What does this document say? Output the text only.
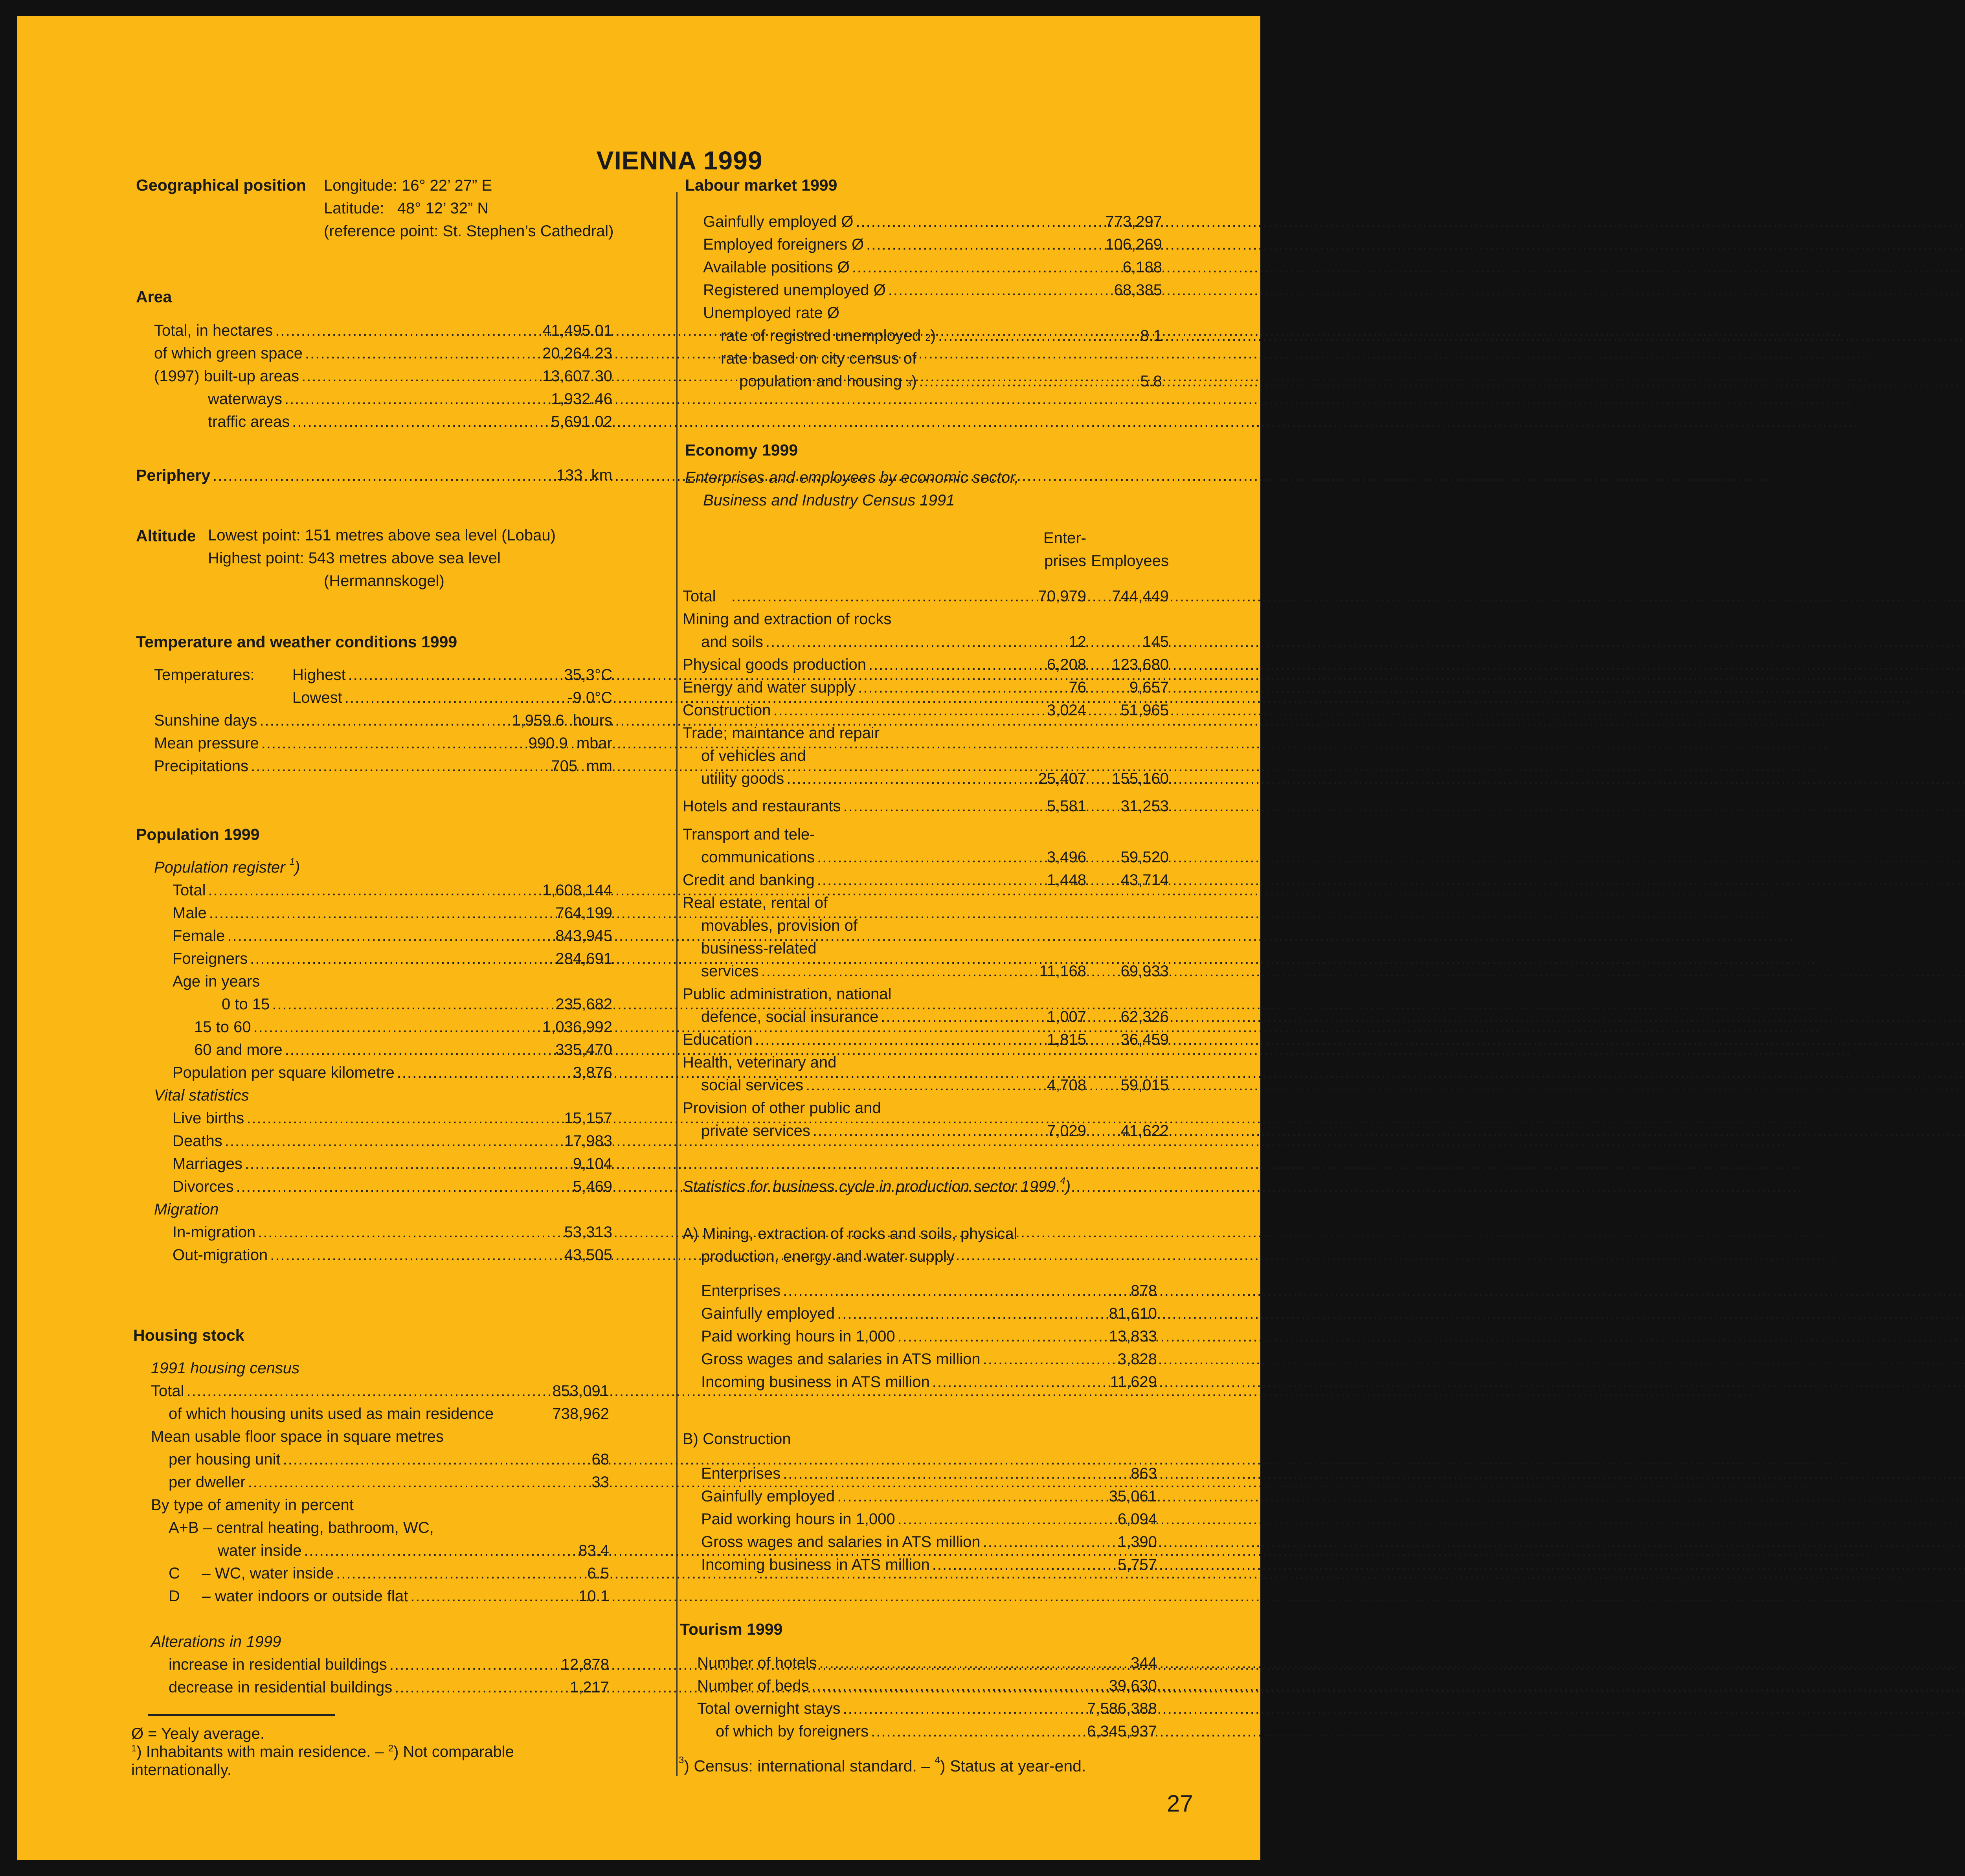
VIENNA 1999
Geographical position Longitude: 16° 22’ 27” E
Latitude:   48° 12’ 32” N
(reference point: St. Stephen’s Cathedral)
Area
Total, in hectares .....	41,495.01
of which green space .....	20,264.23
(1997) built-up areas .....	13,607.30
waterways .....	1,932.46
traffic areas .....	5,691.02
Periphery .....	133  km
Altitude Lowest point: 151 metres above sea level (Lobau)
Highest point: 543 metres above sea level
(Hermannskogel)
Temperature and weather conditions 1999
Temperatures: Highest .....	35,3°C
Lowest .....	-9.0°C
Sunshine days .....	1,959.6  hours
Mean pressure .....	990.9  mbar
Precipitations .....	705  mm
Population 1999
Population register $^1$)
Total .....	1,608,144
Male .....	764,199
Female .....	843,945
Foreigners .....	284,691
Age in years
0 to 15 .....	235,682
15 to 60 .....	1,036,992
60 and more .....	335,470
Population per square kilometre .....	3,876
Vital statistics
Live births .....	15,157
Deaths .....	17,983
Marriages .....	9,104
Divorces .....	5,469
Migration
In-migration .....	53,313
Out-migration .....	43,505
Housing stock
1991 housing census
Total .....	853,091
of which housing units used as main residence	738,962
Mean usable floor space in square metres
per housing unit .....	68
per dweller .....	33
By type of amenity in percent
A+B – central heating, bathroom, WC,
water inside .....	83.4
C     – WC, water inside .....	6.5
D     – water indoors or outside flat .....	10.1
Alterations in 1999
increase in residential buildings .....	12,878
decrease in residential buildings .....	1,217
Ø = Yealy average.
$^1$) Inhabitants with main residence. – $^2$) Not comparable
internationally.
Labour market 1999
Gainfully employed Ø .....	773,297
Employed foreigners Ø .....	106,269
Available positions Ø .....	6,188
Registered unemployed Ø .....	68,385
Unemployed rate Ø
rate of registred unemployed
2 ) .....	8.1
rate based on city census of
population and housing
3 ) .....	5.8
Economy 1999
Enterprises and employees by economic sector,
Business and Industry Census 1991
Enter-
prises Employees
Total
.....	70,979	744,449
Mining and extraction of rocks
and soils .....	12	145
Physical goods production .....	6,208	123,680
Energy and water supply .....	76	9,657
Construction .....	3,024	51,965
Trade; maintance and repair
of vehicles and
utility goods .....	25,407	155,160
Hotels and restaurants .....	5,581	31,253
Transport and tele-
communications .....	3,496	59,520
Credit and banking .....	1,448	43,714
Real estate, rental of
movables, provision of
business-related
services .....	11,168	69,933
Public administration, national
defence, social insurance .....	1,007	62,326
Education .....	1,815	36,459
Health, veterinary and
social services .....	4,708	59,015
Provision of other public and
private services .....	7,029	41,622
Statistics for business cycle in production sector 1999 $^4$)
A) Mining, extraction of rocks and soils, physical
production, energy and water supply
Enterprises .....	878
Gainfully employed .....	81,610
Paid working hours in 1,000 .....	13,833
Gross wages and salaries in ATS million .....	3,828
Incoming business in ATS million .....	11,629
B) Construction
Enterprises .....	863
Gainfully employed .....	35,061
Paid working hours in 1,000 .....	6,094
Gross wages and salaries in ATS million .....	1,390
Incoming business in ATS million .....	5,757
Tourism 1999
Number of hotels .....	344
Number of beds .....	39,630
Total overnight stays .....	7,586,388
of which by foreigners .....	6,345,937
$^3$) Census: international standard. – $^4$) Status at year-end.
27
